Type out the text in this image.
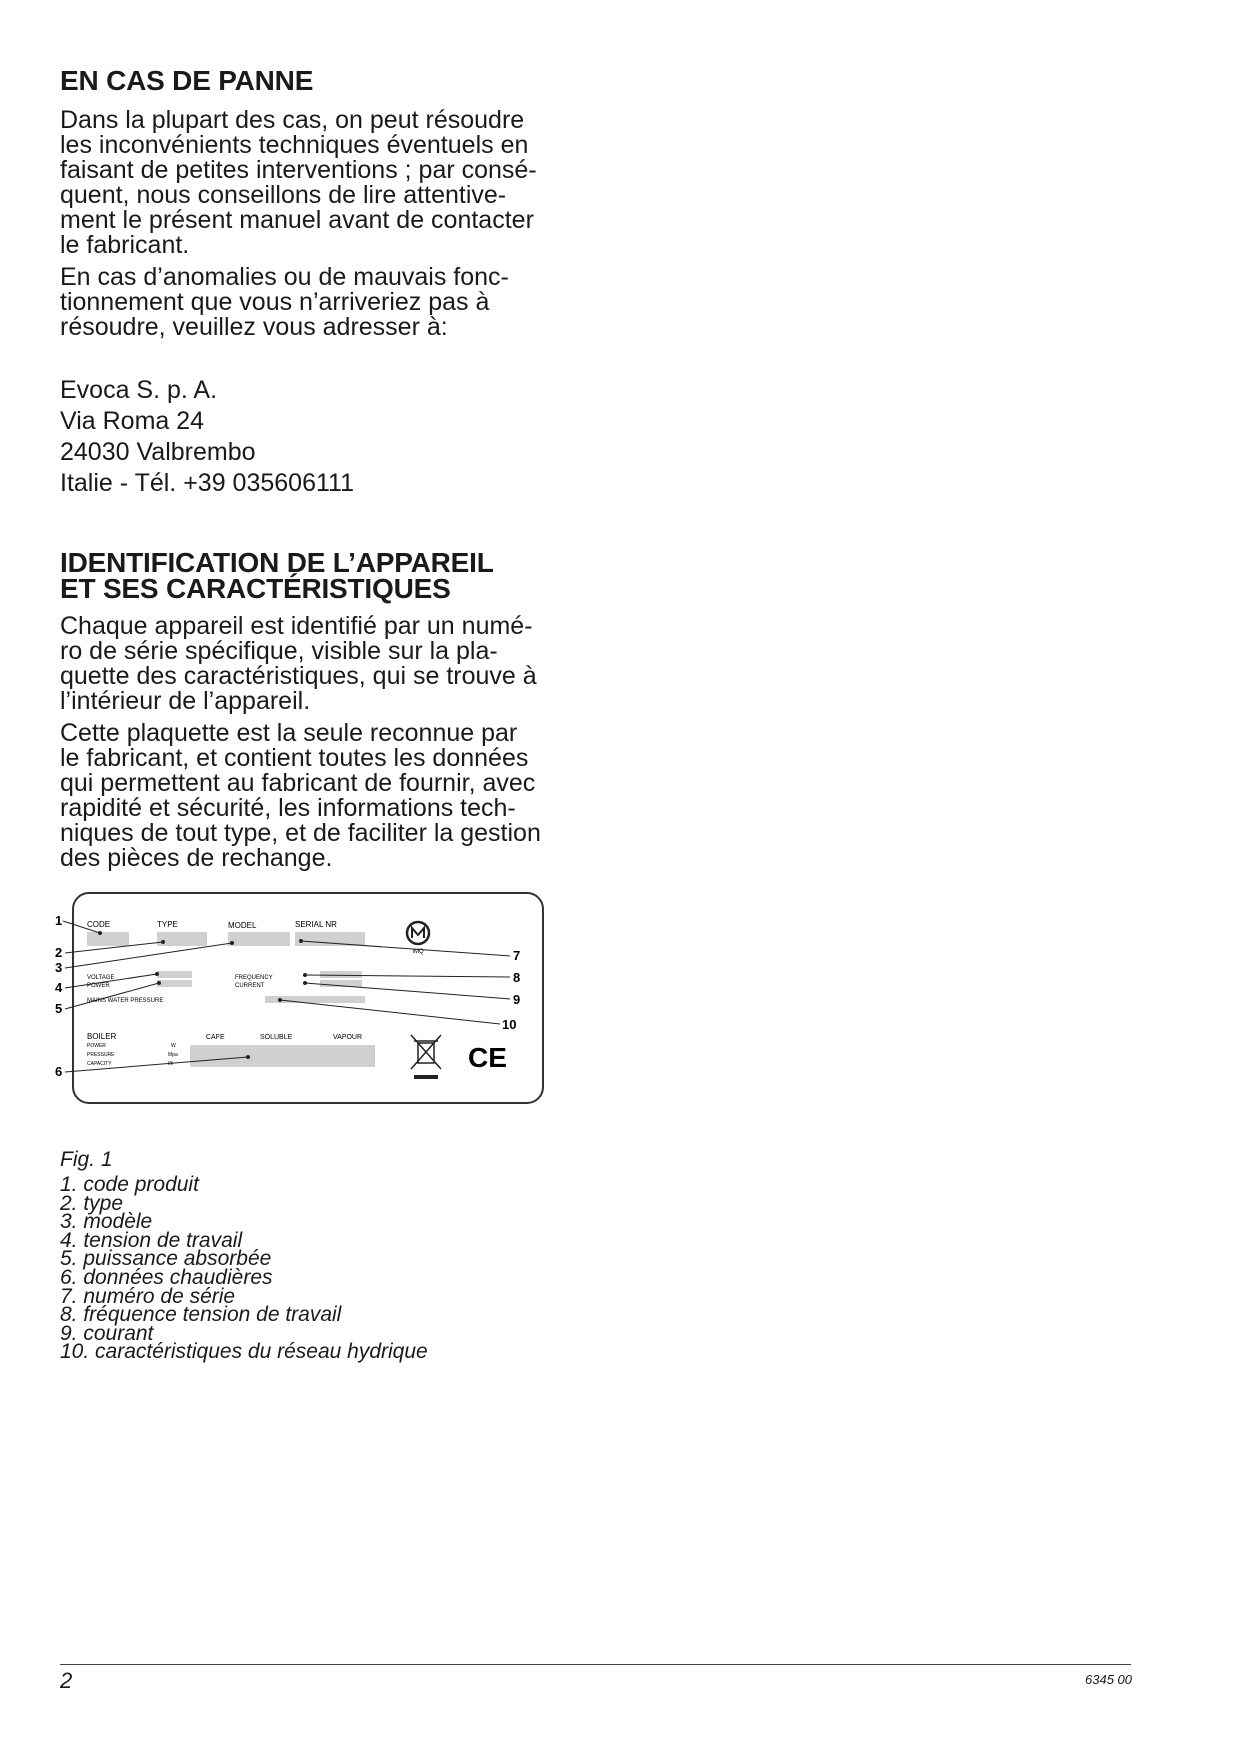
EN CAS DE PANNE

Dans la plupart des cas, on peut résoudre
les inconvénients techniques éventuels en
faisant de petites interventions ; par consé-
quent, nous conseillons de lire attentive-
ment le présent manuel avant de contacter
le fabricant.

En cas d’anomalies ou de mauvais fonc-
tionnement que vous n’arriveriez pas à
résoudre, veuillez vous adresser à:

Evoca S. p. A.
Via Roma 24
24030 Valbrembo
Italie - Tél. +39 035606111

IDENTIFICATION DE L’APPAREIL
ET SES CARACTÉRISTIQUES

Chaque appareil est identifié par un numé-
ro de série spécifique, visible sur la pla-
quette des caractéristiques, qui se trouve à
l’intérieur de l’appareil.

Cette plaquette est la seule reconnue par
le fabricant, et contient toutes les données
qui permettent au fabricant de fournir, avec
rapidité et sécurité, les informations tech-
niques de tout type, et de faciliter la gestion
des pièces de rechange.

CODE	TYPE	MODEL	SERIAL NR
IMQ
VOLTAGE
POWER
FREQUENCY
CURRENT
MAINS WATER PRESSURE
BOILER
POWER
PRESSURE
CAPACITY
W
Mpa
l/h
CAFE	SOLUBLE	VAPOUR
CE
1
2
3
4
5
6
7
8
9
10

Fig. 1

1. code produit
2. type
3. modèle
4. tension de travail
5. puissance absorbée
6. données chaudières
7. numéro de série
8. fréquence tension de travail
9. courant
10. caractéristiques du réseau hydrique
2	6345 00
